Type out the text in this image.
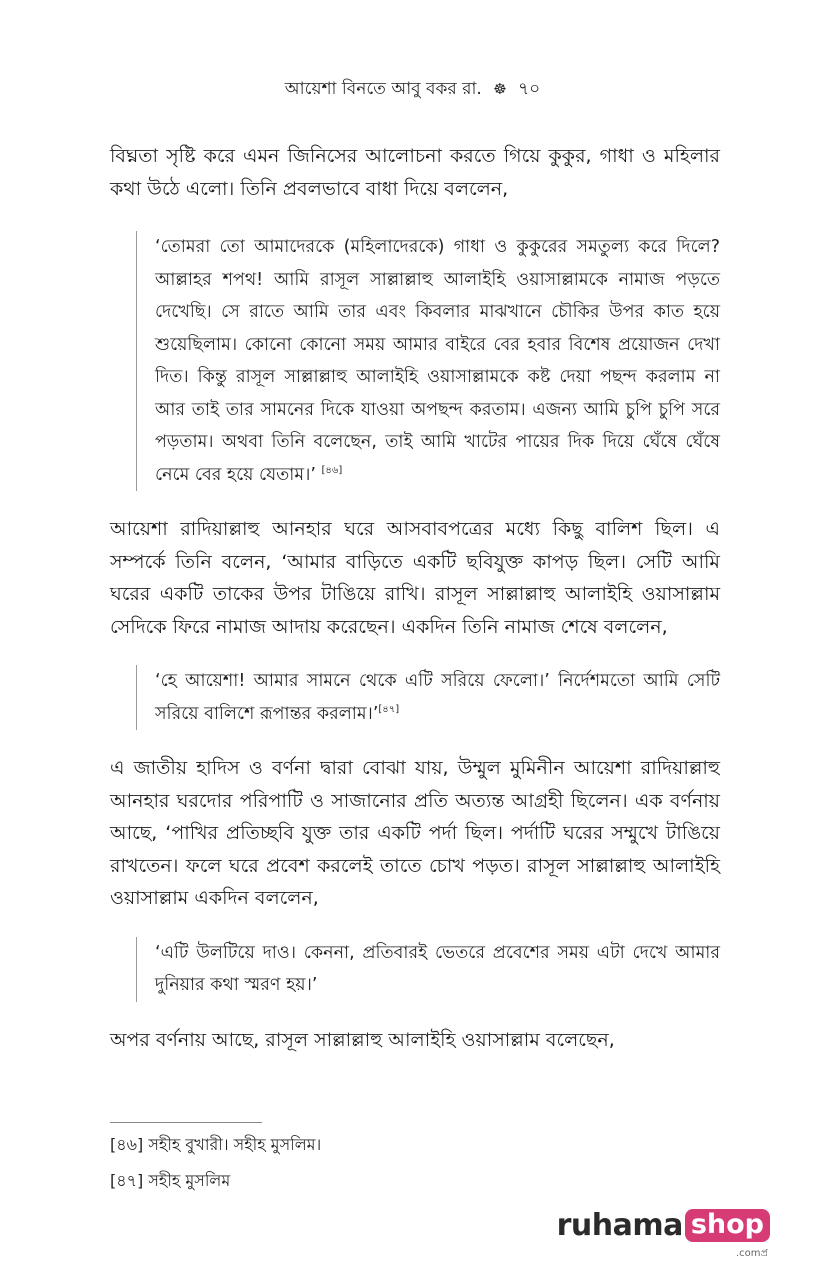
আয়েশা বিনতে আবু বকর রা. ☸ ৭০

বিঘ্নতা সৃষ্টি করে এমন জিনিসের আলোচনা করতে গিয়ে কুকুর, গাধা ও মহিলার কথা উঠে এলো। তিনি প্রবলভাবে বাধা দিয়ে বললেন,

‘তোমরা তো আমাদেরকে (মহিলাদেরকে) গাধা ও কুকুরের সমতুল্য করে দিলে? আল্লাহর শপথ! আমি রাসূল সাল্লাল্লাহু আলাইহি ওয়াসাল্লামকে নামাজ পড়তে দেখেছি। সে রাতে আমি তার এবং কিবলার মাঝখানে চৌকির উপর কাত হয়ে শুয়েছিলাম। কোনো কোনো সময় আমার বাইরে বের হবার বিশেষ প্রয়োজন দেখা দিত। কিন্তু রাসূল সাল্লাল্লাহু আলাইহি ওয়াসাল্লামকে কষ্ট দেয়া পছন্দ করলাম না আর তাই তার সামনের দিকে যাওয়া অপছন্দ করতাম। এজন্য আমি চুপি চুপি সরে পড়তাম। অথবা তিনি বলেছেন, তাই আমি খাটের পায়ের দিক দিয়ে ঘেঁষে ঘেঁষে নেমে বের হয়ে যেতাম।’ [৪৬]

আয়েশা রাদিয়াল্লাহু আনহার ঘরে আসবাবপত্রের মধ্যে কিছু বালিশ ছিল। এ সম্পর্কে তিনি বলেন, ‘আমার বাড়িতে একটি ছবিযুক্ত কাপড় ছিল। সেটি আমি ঘরের একটি তাকের উপর টাঙিয়ে রাখি। রাসূল সাল্লাল্লাহু আলাইহি ওয়াসাল্লাম সেদিকে ফিরে নামাজ আদায় করেছেন। একদিন তিনি নামাজ শেষে বললেন,

‘হে আয়েশা! আমার সামনে থেকে এটি সরিয়ে ফেলো।’ নির্দেশমতো আমি সেটি সরিয়ে বালিশে রূপান্তর করলাম।’[৪৭]

এ জাতীয় হাদিস ও বর্ণনা দ্বারা বোঝা যায়, উম্মুল মুমিনীন আয়েশা রাদিয়াল্লাহু আনহার ঘরদোর পরিপাটি ও সাজানোর প্রতি অত্যন্ত আগ্রহী ছিলেন। এক বর্ণনায় আছে, ‘পাখির প্রতিচ্ছবি যুক্ত তার একটি পর্দা ছিল। পর্দাটি ঘরের সম্মুখে টাঙিয়ে রাখতেন। ফলে ঘরে প্রবেশ করলেই তাতে চোখ পড়ত। রাসূল সাল্লাল্লাহু আলাইহি ওয়াসাল্লাম একদিন বললেন,

‘এটি উলটিয়ে দাও। কেননা, প্রতিবারই ভেতরে প্রবেশের সময় এটা দেখে আমার দুনিয়ার কথা স্মরণ হয়।’

অপর বর্ণনায় আছে, রাসূল সাল্লাল্লাহু আলাইহি ওয়াসাল্লাম বলেছেন,

[৪৬] সহীহ বুখারী। সহীহ মুসলিম।

[৪৭] সহীহ মুসলিম

ruhama shop
.comপ্র
